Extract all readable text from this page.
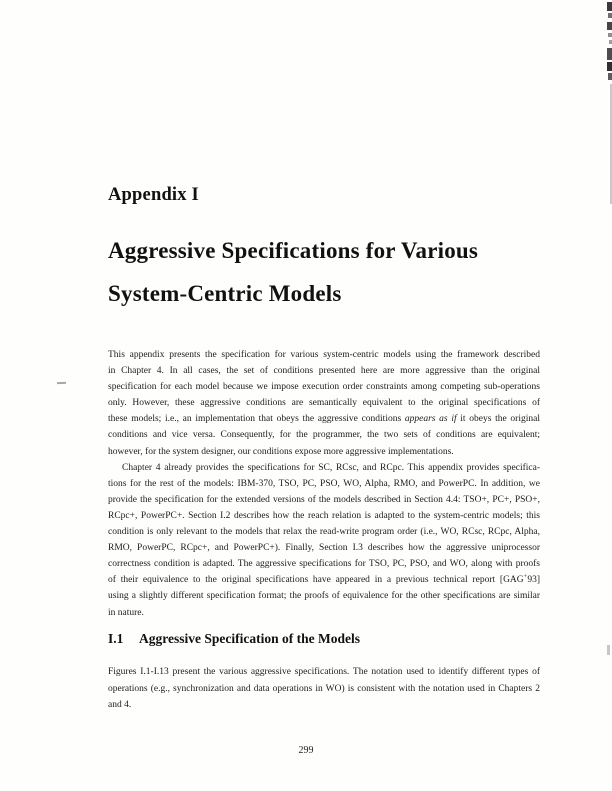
Appendix I
Aggressive Specifications for Various
System-Centric Models
This appendix presents the specification for various system-centric models using the framework described
in Chapter 4. In all cases, the set of conditions presented here are more aggressive than the original
specification for each model because we impose execution order constraints among competing sub-operations
only. However, these aggressive conditions are semantically equivalent to the original specifications of
these models; i.e., an implementation that obeys the aggressive conditions appears as if it obeys the original
conditions and vice versa. Consequently, for the programmer, the two sets of conditions are equivalent;
however, for the system designer, our conditions expose more aggressive implementations.
Chapter 4 already provides the specifications for SC, RCsc, and RCpc. This appendix provides specifica-
tions for the rest of the models: IBM-370, TSO, PC, PSO, WO, Alpha, RMO, and PowerPC. In addition, we
provide the specification for the extended versions of the models described in Section 4.4: TSO+, PC+, PSO+,
RCpc+, PowerPC+. Section I.2 describes how the reach relation is adapted to the system-centric models; this
condition is only relevant to the models that relax the read-write program order (i.e., WO, RCsc, RCpc, Alpha,
RMO, PowerPC, RCpc+, and PowerPC+). Finally, Section I.3 describes how the aggressive uniprocessor
correctness condition is adapted. The aggressive specifications for TSO, PC, PSO, and WO, along with proofs
of their equivalence to the original specifications have appeared in a previous technical report [GAG+93]
using a slightly different specification format; the proofs of equivalence for the other specifications are similar
in nature.
I.1 Aggressive Specification of the Models
Figures I.1-I.13 present the various aggressive specifications. The notation used to identify different types of
operations (e.g., synchronization and data operations in WO) is consistent with the notation used in Chapters 2
and 4.
299
